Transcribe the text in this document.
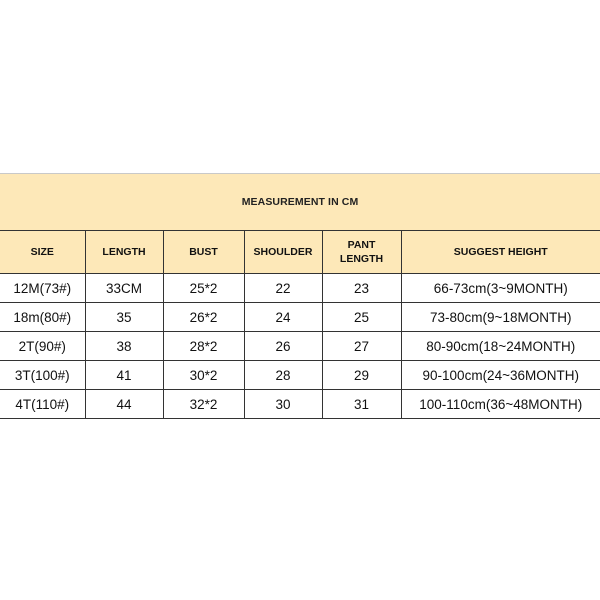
MEASUREMENT IN CM
SIZE	LENGTH	BUST	SHOULDER	PANT LENGTH	SUGGEST HEIGHT
12M(73#)	33CM	25*2	22	23	66-73cm(3~9MONTH)
18m(80#)	35	26*2	24	25	73-80cm(9~18MONTH)
2T(90#)	38	28*2	26	27	80-90cm(18~24MONTH)
3T(100#)	41	30*2	28	29	90-100cm(24~36MONTH)
4T(110#)	44	32*2	30	31	100-110cm(36~48MONTH)
